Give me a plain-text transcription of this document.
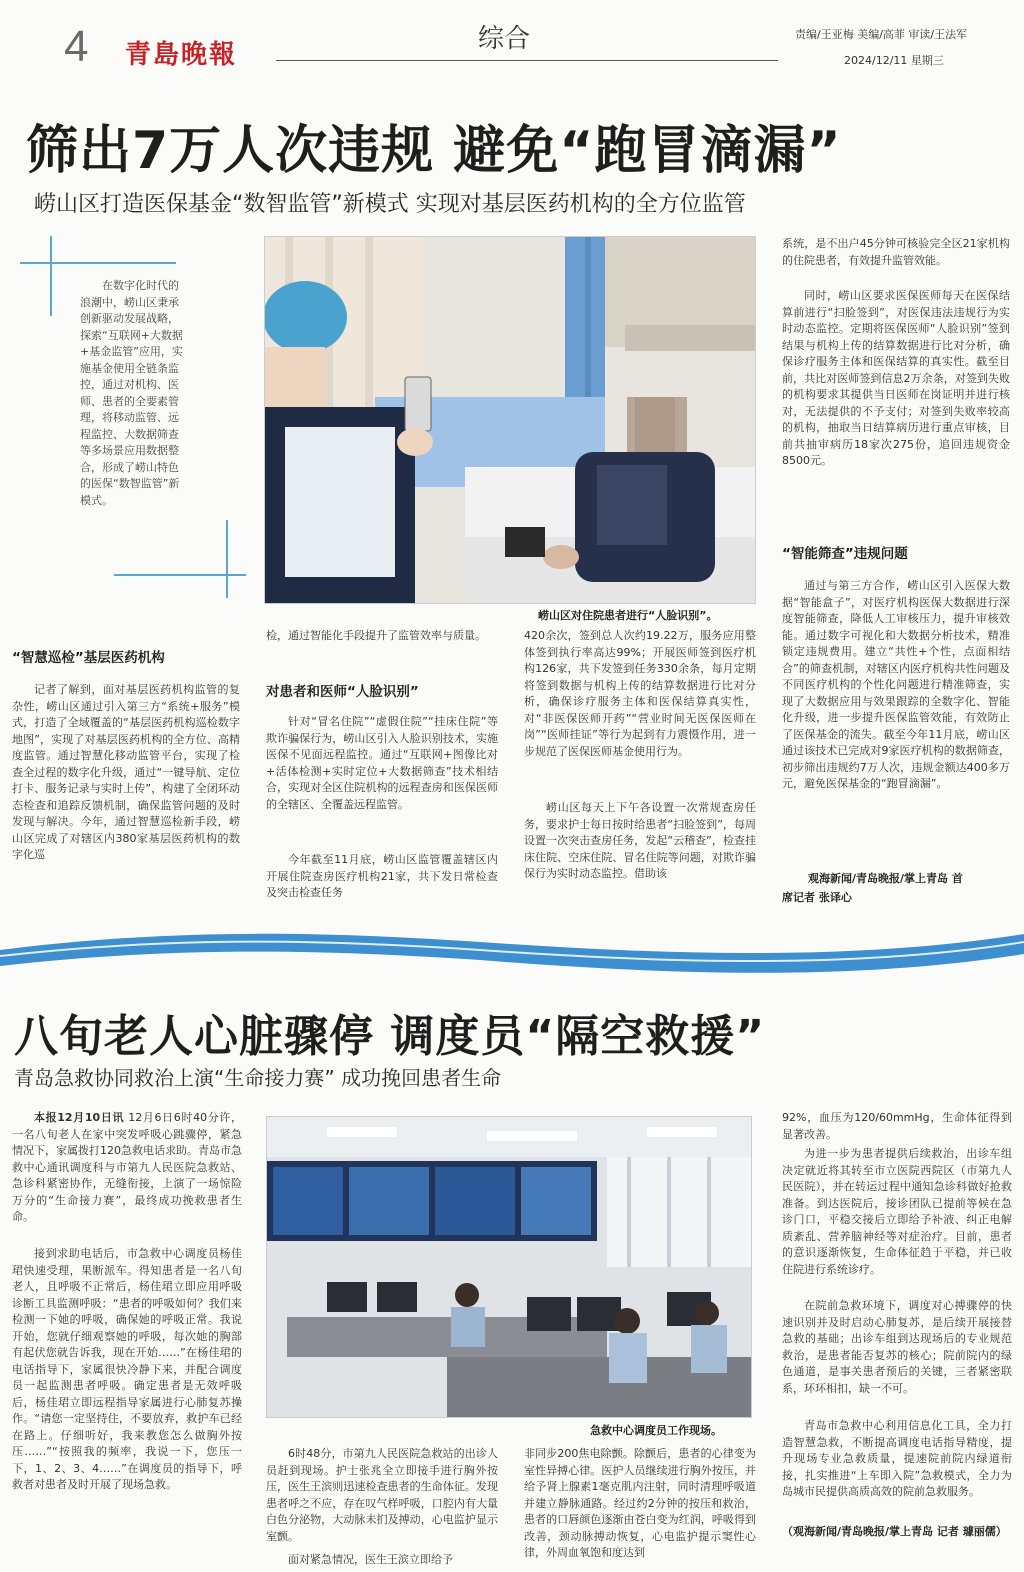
4 青島晚報
综合	责编/王亚梅 美编/高菲 审读/王法军
2024/12/11 星期三
筛出7万人次违规 避免“跑冒滴漏”
崂山区打造医保基金“数智监管”新模式 实现对基层医药机构的全方位监管
在数字化时代的浪潮中，崂山区秉承创新驱动发展战略，探索“互联网+大数据+基金监管”应用，实施基金使用全链条监控，通过对机构、医师、患者的全要素管理，将移动监管、远程监控、大数据筛查等多场景应用数据整合，形成了崂山特色的医保“数智监管”新模式。
崂山区对住院患者进行“人脸识别”。
“智慧巡检”基层医药机构
记者了解到，面对基层医药机构监管的复杂性，崂山区通过引入第三方“系统+服务”模式，打造了全域覆盖的“基层医药机构巡检数字地图”，实现了对基层医药机构的全方位、高精度监管。通过智慧化移动监管平台，实现了检查全过程的数字化升级，通过“一键导航、定位打卡、服务记录与实时上传”，构建了全闭环动态检查和追踪反馈机制，确保监管问题的及时发现与解决。今年，通过智慧巡检新手段，崂山区完成了对辖区内380家基层医药机构的数字化巡
检，通过智能化手段提升了监管效率与质量。
对患者和医师“人脸识别”
针对“冒名住院”“虚假住院”“挂床住院”等欺诈骗保行为，崂山区引入人脸识别技术，实施医保不见面远程监控。通过“互联网+图像比对+活体检测+实时定位+大数据筛查”技术相结合，实现对全区住院机构的远程查房和医保医师的全辖区、全覆盖远程监管。
今年截至11月底，崂山区监管覆盖辖区内开展住院查房医疗机构21家，共下发日常检查及突击检查任务
420余次，签到总人次约19.22万，服务应用整体签到执行率高达99%；开展医师签到医疗机构126家，共下发签到任务330余条，每月定期将签到数据与机构上传的结算数据进行比对分析，确保诊疗服务主体和医保结算真实性，对“非医保医师开药”“营业时间无医保医师在岗”“医师挂证”等行为起到有力震慑作用，进一步规范了医保医师基金使用行为。
崂山区每天上下午各设置一次常规查房任务，要求护士每日按时给患者“扫脸签到”，每周设置一次突击查房任务，发起“云稽查”，检查挂床住院、空床住院、冒名住院等问题，对欺诈骗保行为实时动态监控。借助该
系统，是不出户45分钟可核验完全区21家机构的住院患者，有效提升监管效能。
同时，崂山区要求医保医师每天在医保结算前进行“扫脸签到”，对医保违法违规行为实时动态监控。定期将医保医师“人脸识别”签到结果与机构上传的结算数据进行比对分析，确保诊疗服务主体和医保结算的真实性。截至目前，共比对医师签到信息2万余条，对签到失败的机构要求其提供当日医师在岗证明并进行核对，无法提供的不予支付；对签到失败率较高的机构，抽取当日结算病历进行重点审核，目前共抽审病历18家次275份，追回违规资金8500元。
“智能筛查”违规问题
通过与第三方合作，崂山区引入医保大数据“智能盒子”，对医疗机构医保大数据进行深度智能筛查，降低人工审核压力，提升审核效能。通过数字可视化和大数据分析技术，精准锁定违规费用。建立“共性+个性，点面相结合”的筛查机制，对辖区内医疗机构共性问题及不同医疗机构的个性化问题进行精准筛查，实现了大数据应用与效果跟踪的全数字化、智能化升级，进一步提升医保监管效能，有效防止了医保基金的流失。截至今年11月底，崂山区通过该技术已完成对9家医疗机构的数据筛查，初步筛出违规约7万人次，违规金额达400多万元，避免医保基金的“跑冒滴漏”。
观海新闻/青岛晚报/掌上青岛 首
席记者 张译心
八旬老人心脏骤停 调度员“隔空救援”
青岛急救协同救治上演“生命接力赛” 成功挽回患者生命
本报12月10日讯 12月6日6时40分许，一名八旬老人在家中突发呼吸心跳骤停，紧急情况下，家属拨打120急救电话求助。青岛市急救中心通讯调度科与市第九人民医院急救站、急诊科紧密协作，无缝衔接，上演了一场惊险万分的“生命接力赛”，最终成功挽救患者生命。
接到求助电话后，市急救中心调度员杨佳珺快速受理，果断派车。得知患者是一名八旬老人，且呼吸不正常后，杨佳珺立即应用呼吸诊断工具监测呼吸：“患者的呼吸如何？我们来检测一下她的呼吸，确保她的呼吸正常。我说开始，您就仔细观察她的呼吸，每次她的胸部有起伏您就告诉我，现在开始……”在杨佳珺的电话指导下，家属很快冷静下来，并配合调度员一起监测患者呼吸。确定患者是无效呼吸后，杨佳珺立即远程指导家属进行心肺复苏操作。“请您一定坚持住，不要放弃，救护车已经在路上。仔细听好，我来教您怎么做胸外按压……”“按照我的频率，我说一下，您压一下，1、2、3、4……”在调度员的指导下，呼救者对患者及时开展了现场急救。
急救中心调度员工作现场。
6时48分，市第九人民医院急救站的出诊人员赶到现场。护士张兆全立即接手进行胸外按压，医生王滨则迅速检查患者的生命体征。发现患者呼之不应，存在叹气样呼吸，口腔内有大量白色分泌物，大动脉未扪及搏动，心电监护显示室颤。
面对紧急情况，医生王滨立即给予
非同步200焦电除颤。除颤后，患者的心律变为室性异搏心律。医护人员继续进行胸外按压，并给予肾上腺素1毫克肌内注射，同时清理呼吸道并建立静脉通路。经过约2分钟的按压和救治，患者的口唇颜色逐渐由苍白变为红润，呼吸得到改善，颈动脉搏动恢复，心电监护提示窦性心律，外周血氧饱和度达到
92%，血压为120/60mmHg，生命体征得到显著改善。
为进一步为患者提供后续救治，出诊车组决定就近将其转至市立医院西院区（市第九人民医院），并在转运过程中通知急诊科做好抢救准备。到达医院后，接诊团队已提前等候在急诊门口，平稳交接后立即给予补液、纠正电解质紊乱、营养脑神经等对症治疗。目前，患者的意识逐渐恢复，生命体征趋于平稳，并已收住院进行系统诊疗。
在院前急救环境下，调度对心搏骤停的快速识别并及时启动心肺复苏，是后续开展接替急救的基础；出诊车组到达现场后的专业规范救治，是患者能否复苏的核心；院前院内的绿色通道，是事关患者预后的关键，三者紧密联系，环环相扣，缺一不可。
青岛市急救中心利用信息化工具，全力打造智慧急救，不断提高调度电话指导精度，提升现场专业急救质量，提速院前院内绿道衔接，扎实推进“上车即入院”急救模式，全力为岛城市民提供高质高效的院前急救服务。
（观海新闻/青岛晚报/掌上青岛 记者 璩丽儒）
